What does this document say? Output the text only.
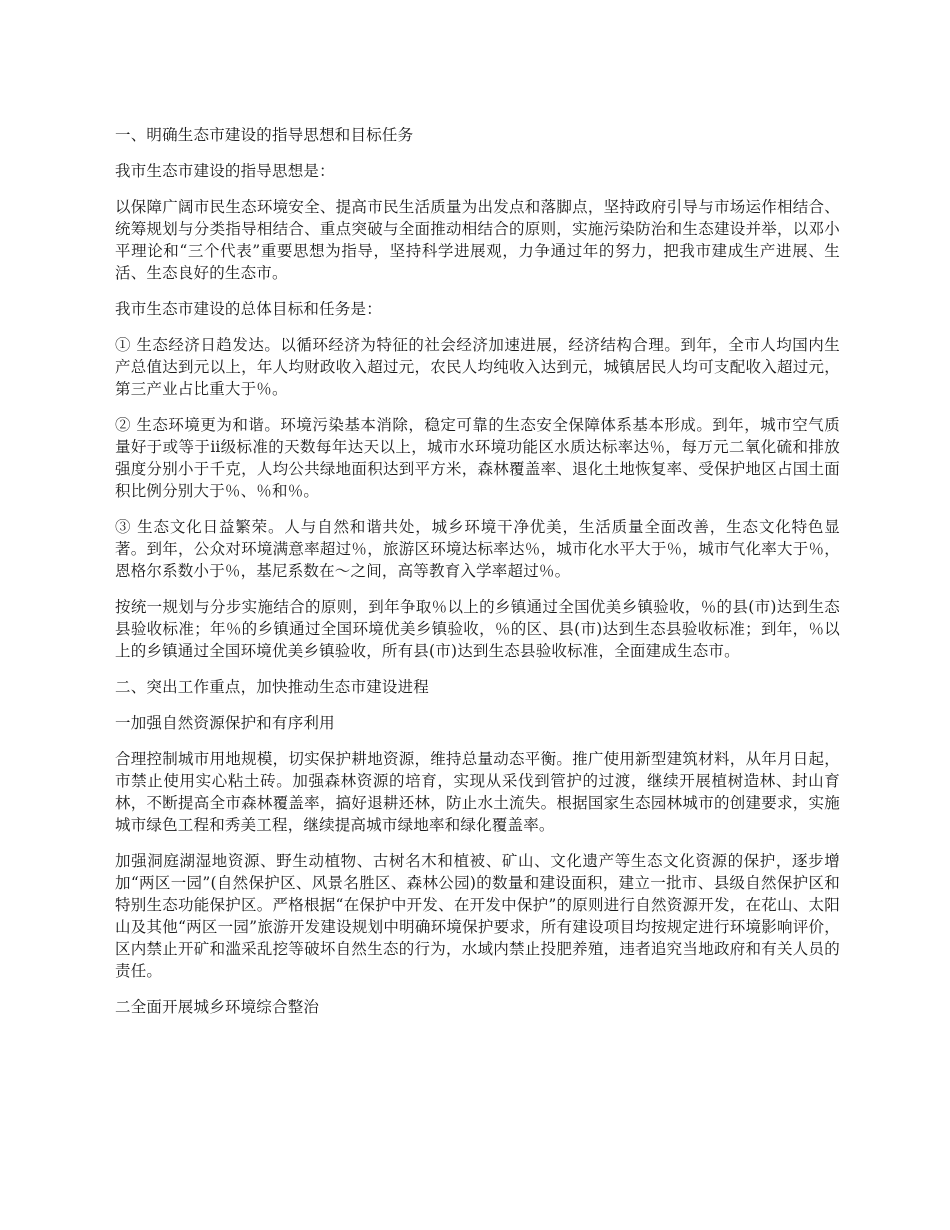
一、明确生态市建设的指导思想和目标任务

我市生态市建设的指导思想是：

以保障广阔市民生态环境安全、提高市民生活质量为出发点和落脚点，坚持政府引导与市场运作相结合、统筹规划与分类指导相结合、重点突破与全面推动相结合的原则，实施污染防治和生态建设并举，以邓小平理论和“三个代表”重要思想为指导，坚持科学进展观，力争通过年的努力，把我市建成生产进展、生活、生态良好的生态市。

我市生态市建设的总体目标和任务是：

① 生态经济日趋发达。以循环经济为特征的社会经济加速进展，经济结构合理。到年，全市人均国内生产总值达到元以上，年人均财政收入超过元，农民人均纯收入达到元，城镇居民人均可支配收入超过元，第三产业占比重大于％。

② 生态环境更为和谐。环境污染基本消除，稳定可靠的生态安全保障体系基本形成。到年，城市空气质量好于或等于ⅱ级标准的天数每年达天以上，城市水环境功能区水质达标率达％，每万元二氧化硫和排放强度分别小于千克，人均公共绿地面积达到平方米，森林覆盖率、退化土地恢复率、受保护地区占国土面积比例分别大于％、％和％。

③ 生态文化日益繁荣。人与自然和谐共处，城乡环境干净优美，生活质量全面改善，生态文化特色显著。到年，公众对环境满意率超过％，旅游区环境达标率达％，城市化水平大于％，城市气化率大于％，恩格尔系数小于％，基尼系数在～之间，高等教育入学率超过％。

按统一规划与分步实施结合的原则，到年争取％以上的乡镇通过全国优美乡镇验收，％的县(市)达到生态县验收标准；年％的乡镇通过全国环境优美乡镇验收，％的区、县(市)达到生态县验收标准；到年，％以上的乡镇通过全国环境优美乡镇验收，所有县(市)达到生态县验收标准，全面建成生态市。

二、突出工作重点，加快推动生态市建设进程

一加强自然资源保护和有序利用

合理控制城市用地规模，切实保护耕地资源，维持总量动态平衡。推广使用新型建筑材料，从年月日起，市禁止使用实心粘土砖。加强森林资源的培育，实现从采伐到管护的过渡，继续开展植树造林、封山育林，不断提高全市森林覆盖率，搞好退耕还林，防止水土流失。根据国家生态园林城市的创建要求，实施城市绿色工程和秀美工程，继续提高城市绿地率和绿化覆盖率。

加强洞庭湖湿地资源、野生动植物、古树名木和植被、矿山、文化遗产等生态文化资源的保护，逐步增加“两区一园”(自然保护区、风景名胜区、森林公园)的数量和建设面积，建立一批市、县级自然保护区和特别生态功能保护区。严格根据“在保护中开发、在开发中保护”的原则进行自然资源开发，在花山、太阳山及其他“两区一园”旅游开发建设规划中明确环境保护要求，所有建设项目均按规定进行环境影响评价，区内禁止开矿和滥采乱挖等破坏自然生态的行为，水域内禁止投肥养殖，违者追究当地政府和有关人员的责任。

二全面开展城乡环境综合整治
